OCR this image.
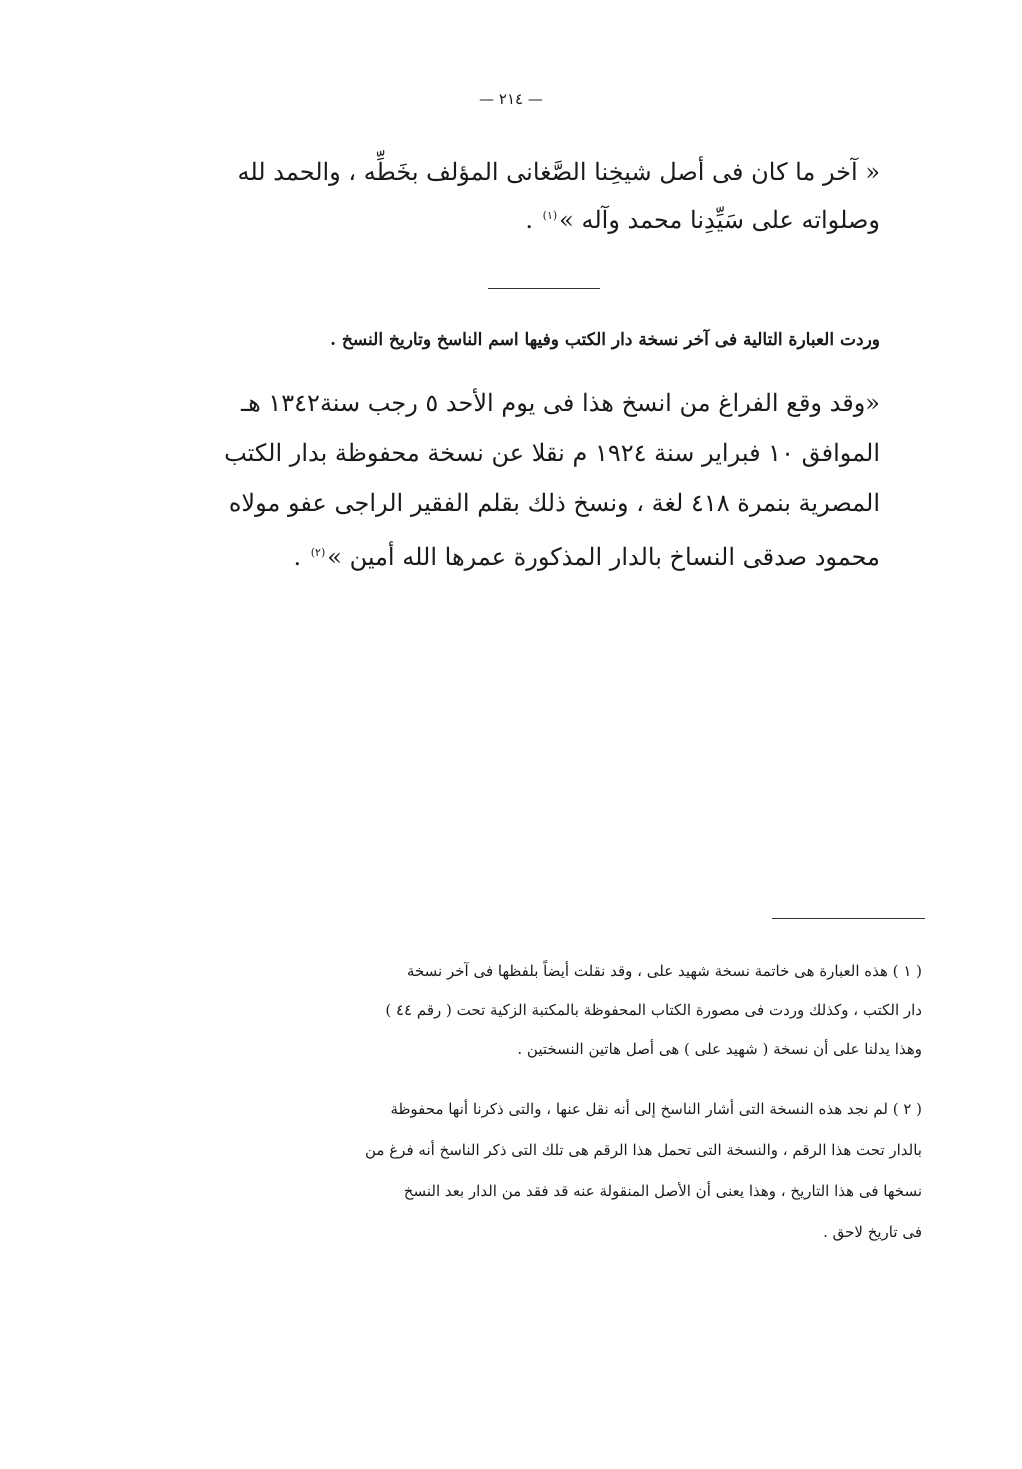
— ٢١٤ —
« آخر ما كان فى أصل شيخِنا الصَّغانى المؤلف بخَطِّه ، والحمد لله
وصلواته على سَيِّدِنا محمد وآله »$^{(١)}$ .
وردت العبارة التالية فى آخر نسخة دار الكتب وفيها اسم الناسخ وتاريخ النسخ .
«وقد وقع الفراغ من انسخ هذا فى يوم الأحد ٥ رجب سنة١٣٤٢ هـ
الموافق ١٠ فبراير سنة ١٩٢٤ م نقلا عن نسخة محفوظة بدار الكتب
المصرية بنمرة ٤١٨ لغة ، ونسخ ذلك بقلم الفقير الراجى عفو مولاه
محمود صدقى النساخ بالدار المذكورة عمرها الله أمين »$^{(٢)}$ .
( ١ ) هذه العبارة هى خاتمة نسخة شهيد على ، وقد نقلت أيضاً بلفظها فى آخر نسخة
دار الكتب ، وكذلك وردت فى مصورة الكتاب المحفوظة بالمكتبة الزكية تحت ( رقم ٤٤ )
وهذا يدلنا على أن نسخة ( شهيد على ) هى أصل هاتين النسختين .
( ٢ ) لم نجد هذه النسخة التى أشار الناسخ إلى أنه نقل عنها ، والتى ذكرنا أنها محفوظة
بالدار تحت هذا الرقم ، والنسخة التى تحمل هذا الرقم هى تلك التى ذكر الناسخ أنه فرغ من
نسخها فى هذا التاريخ ، وهذا يعنى أن الأصل المنقولة عنه قد فقد من الدار بعد النسخ
فى تاريخ لاحق .
